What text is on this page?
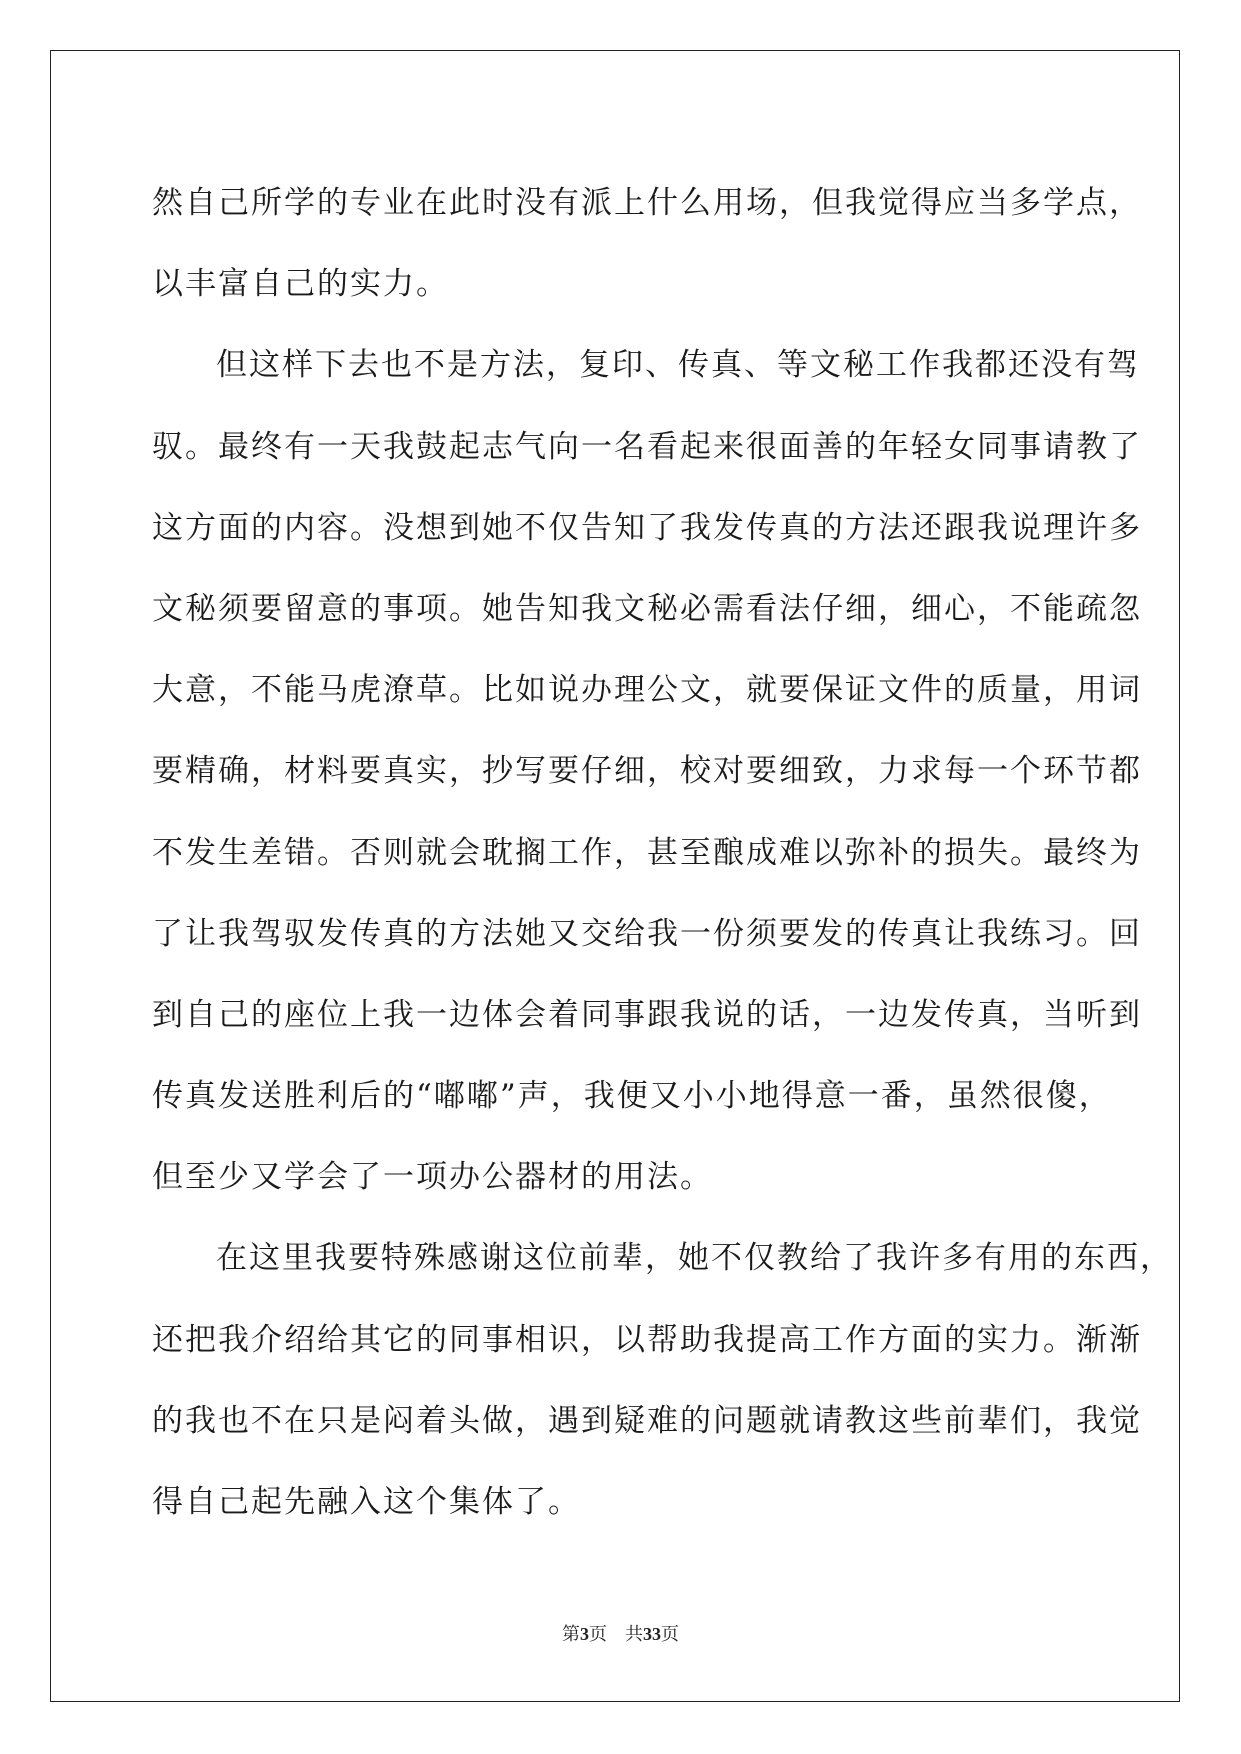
然自己所学的专业在此时没有派上什么用场，但我觉得应当多学点，
以丰富自己的实力。
但这样下去也不是方法，复印、传真、等文秘工作我都还没有驾
驭。最终有一天我鼓起志气向一名看起来很面善的年轻女同事请教了
这方面的内容。没想到她不仅告知了我发传真的方法还跟我说理许多
文秘须要留意的事项。她告知我文秘必需看法仔细，细心，不能疏忽
大意，不能马虎潦草。比如说办理公文，就要保证文件的质量，用词
要精确，材料要真实，抄写要仔细，校对要细致，力求每一个环节都
不发生差错。否则就会耽搁工作，甚至酿成难以弥补的损失。最终为
了让我驾驭发传真的方法她又交给我一份须要发的传真让我练习。回
到自己的座位上我一边体会着同事跟我说的话，一边发传真，当听到
传真发送胜利后的“嘟嘟”声，我便又小小地得意一番，虽然很傻，
但至少又学会了一项办公器材的用法。
在这里我要特殊感谢这位前辈，她不仅教给了我许多有用的东西，
还把我介绍给其它的同事相识，以帮助我提高工作方面的实力。渐渐
的我也不在只是闷着头做，遇到疑难的问题就请教这些前辈们，我觉
得自己起先融入这个集体了。
第3页 共33页
